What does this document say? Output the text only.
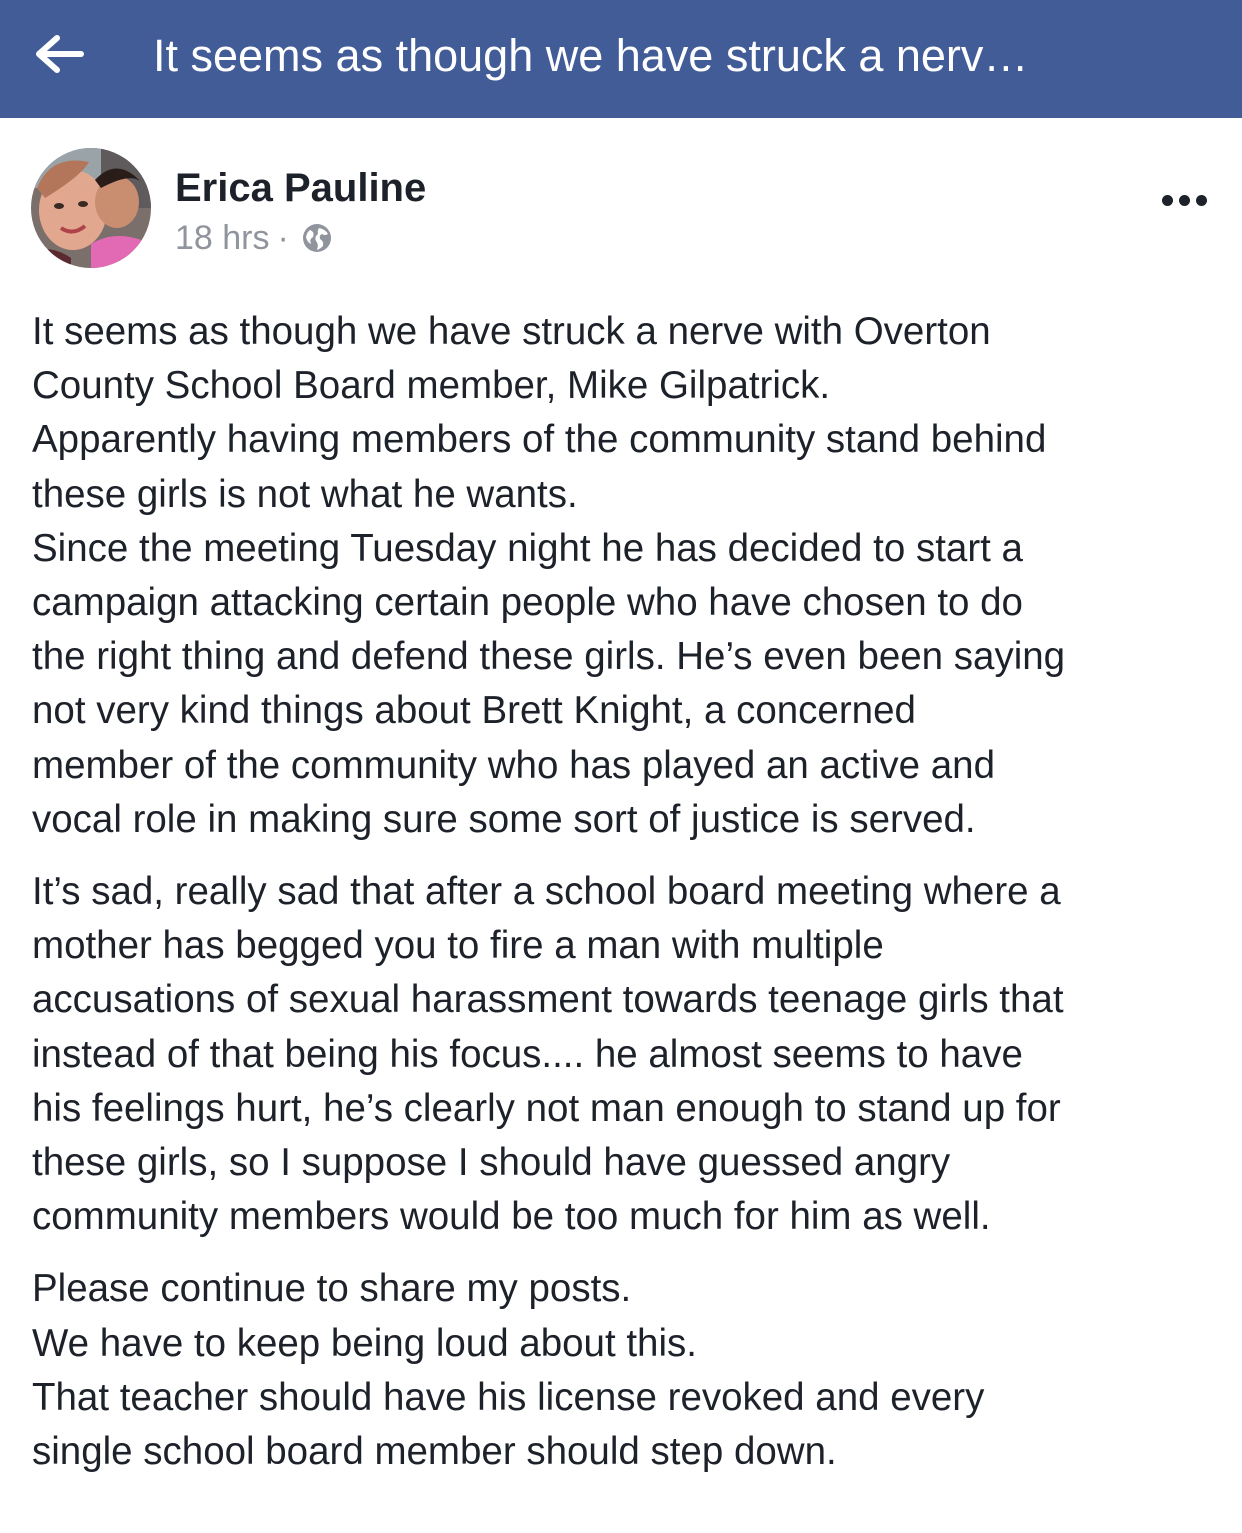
It seems as though we have struck a nerv…
Erica Pauline
18 hrs ·
It seems as though we have struck a nerve with Overton
County School Board member, Mike Gilpatrick.
Apparently having members of the community stand behind
these girls is not what he wants.
Since the meeting Tuesday night he has decided to start a
campaign attacking certain people who have chosen to do
the right thing and defend these girls. He’s even been saying
not very kind things about Brett Knight, a concerned
member of the community who has played an active and
vocal role in making sure some sort of justice is served.
It’s sad, really sad that after a school board meeting where a
mother has begged you to fire a man with multiple
accusations of sexual harassment towards teenage girls that
instead of that being his focus.... he almost seems to have
his feelings hurt, he’s clearly not man enough to stand up for
these girls, so I suppose I should have guessed angry
community members would be too much for him as well.
Please continue to share my posts.
We have to keep being loud about this.
That teacher should have his license revoked and every
single school board member should step down.
